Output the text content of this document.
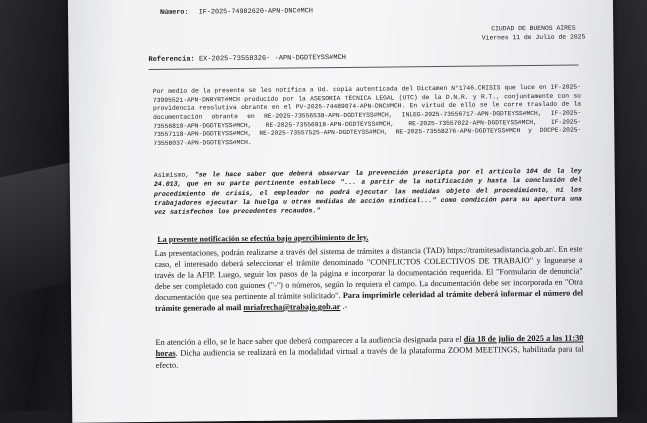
Número: IF-2025-74982620-APN-DNC#MCH
CIUDAD DE BUENOS AIRES
Viernes 11 de Julio de 2025
Referencia: EX-2025-73558326- -APN-DGDTEYSS#MCH
Por medio de la presente se les notifica a Ud. copia autenticada del Dictamen N°1746.CRISIS que luce en IF-2025-73995521-APN-DNRYRT#MCH producido por la ASESORÍA TÉCNICA LEGAL (UTC) de la D.N.R. y R.T., conjuntamente con su providencia resolutiva obrante en el PV-2025-74489074-APN-DNC#MCH. En virtud de ello se le corre traslado de la documentación obrante en RE-2025-73556538-APN-DGDTEYSS#MCH, INLEG-2025-73556717-APN-DGDTEYSS#MCH, IF-2025-73556810-APN-DGDTEYSS#MCH, RE-2025-73556918-APN-DGDTEYSS#MCH, RE-2025-73557022-APN-DGDTEYSS#MCH, IF-2025-73557118-APN-DGDTEYSS#MCH, RE-2025-73557525-APN-DGDTEYSS#MCH, RE-2025-73558276-APN-DGDTEYSS#MCH y DOCPE-2025-73558037-APN-DGDTEYSS#MCH.
Asimismo, "se le hace saber que deberá observar la prevención prescripta por el artículo 104 de la ley 24.013, que en su parte pertinente establece "... a partir de la notificación y hasta la conclusión del procedimiento de crisis, el empleador no podrá ejecutar las medidas objeto del procedimiento, ni los trabajadores ejecutar la huelga u otras medidas de acción sindical..." como condición para su apertura una vez satisfechos los precedentes recaudos."
La presente notificación se efectúa bajo apercibimiento de ley.
Las presentaciones, podrán realizarse a través del sistema de trámites a distancia (TAD) https://tramitesadistancia.gob.ar/. En este caso, el interesado deberá seleccionar el trámite denominado "CONFLICTOS COLECTIVOS DE TRABAJO" y loguearse a través de la AFIP. Luego, seguir los pasos de la página e incorporar la documentación requerida. El "Formulario de denuncia" debe ser completado con guiones ("-") o números, según lo requiera el campo. La documentación debe ser incorporada en "Otra documentación que sea pertinente al trámite solicitado". Para imprimirle celeridad al trámite deberá informar el número del trámite generado al mail mriafrecha@trabajo.gob.ar .-
En atención a ello, se le hace saber que deberá comparecer a la audiencia designada para el día 18 de julio de 2025 a las 11:30 horas. Dicha audiencia se realizará en la modalidad virtual a través de la plataforma ZOOM MEETINGS, habilitada para tal efecto.
